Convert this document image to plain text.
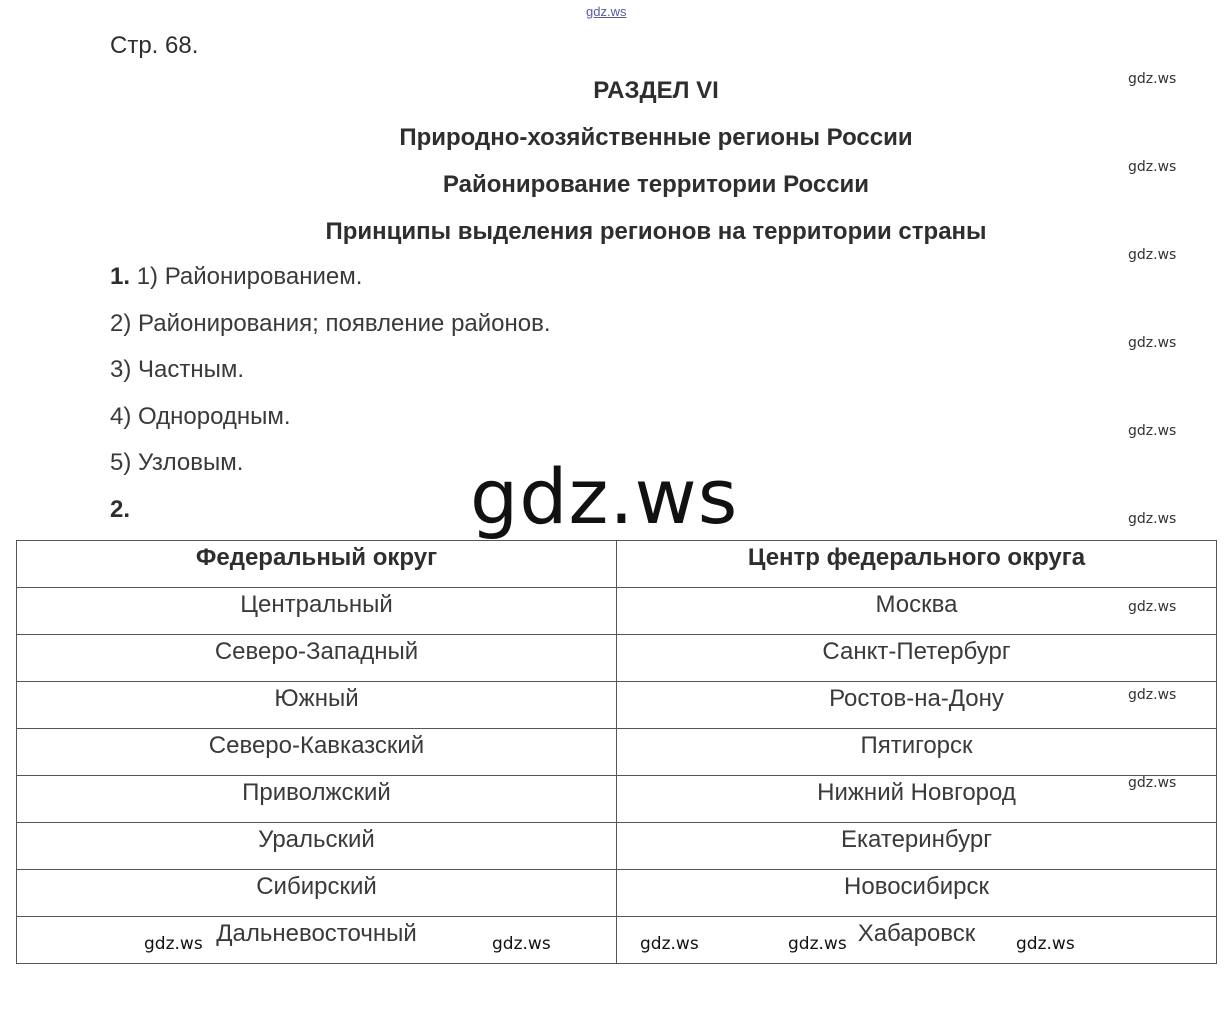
Стр. 68.
РАЗДЕЛ VI
Природно-хозяйственные регионы России
Районирование территории России
Принципы выделения регионов на территории страны
1. 1) Районированием.
2) Районирования; появление районов.
3) Частным.
4) Однородным.
5) Узловым.
2.
Федеральный округ	Центр федерального округа
Центральный	Москва
Северо-Западный	Санкт-Петербург
Южный	Ростов-на-Дону
Северо-Кавказский	Пятигорск
Приволжский	Нижний Новгород
Уральский	Екатеринбург
Сибирский	Новосибирск
Дальневосточный	Хабаровск
gdz.ws
gdz.ws
gdz.ws
gdz.ws
gdz.ws
gdz.ws
gdz.ws
gdz.ws
gdz.ws
gdz.ws
gdz.ws
gdz.ws	gdz.ws	gdz.ws	gdz.ws	gdz.ws
